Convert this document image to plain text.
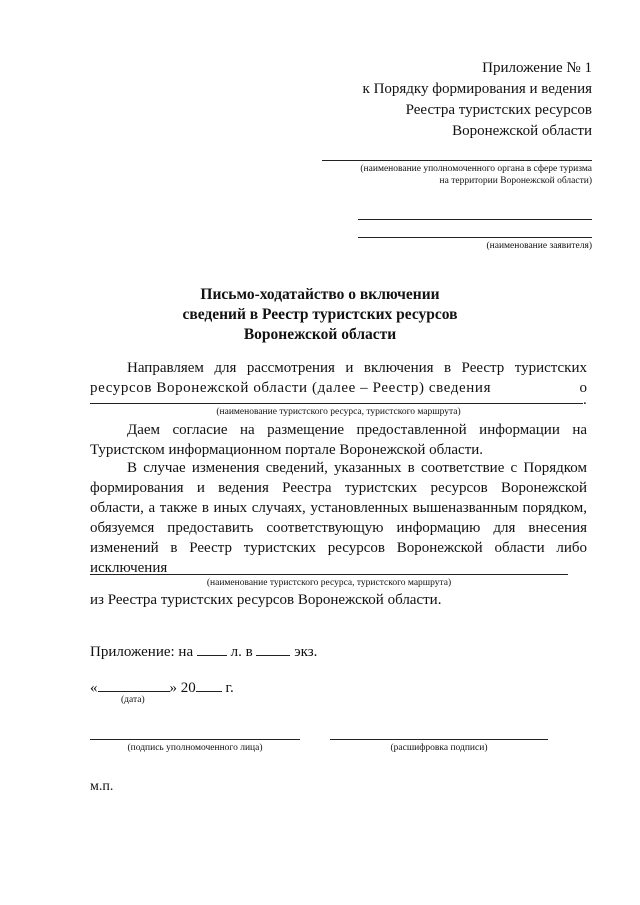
Приложение № 1
к Порядку формирования и ведения
Реестра туристских ресурсов
Воронежской области
(наименование уполномоченного органа в сфере туризма
на территории Воронежской области)
(наименование заявителя)
Письмо-ходатайство о включении
сведений в Реестр туристских ресурсов
Воронежской области
Направляем для рассмотрения и включения в Реестр туристских
ресурсов Воронежской области (далее – Реестр) сведения	о
.
(наименование туристского ресурса, туристского маршрута)
Даем согласие на размещение предоставленной информации на Туристском информационном портале Воронежской области.
В случае изменения сведений, указанных в соответствие с Порядком формирования и ведения Реестра туристских ресурсов Воронежской области, а также в иных случаях, установленных вышеназванным порядком, обязуемся предоставить соответствующую информацию для внесения изменений в Реестр туристских ресурсов Воронежской области либо исключения
(наименование туристского ресурса, туристского маршрута)
из Реестра туристских ресурсов Воронежской области.
Приложение: на	л. в	экз.
«	» 20 г.
(дата)
(подпись уполномоченного лица)	(расшифровка подписи)
м.п.
